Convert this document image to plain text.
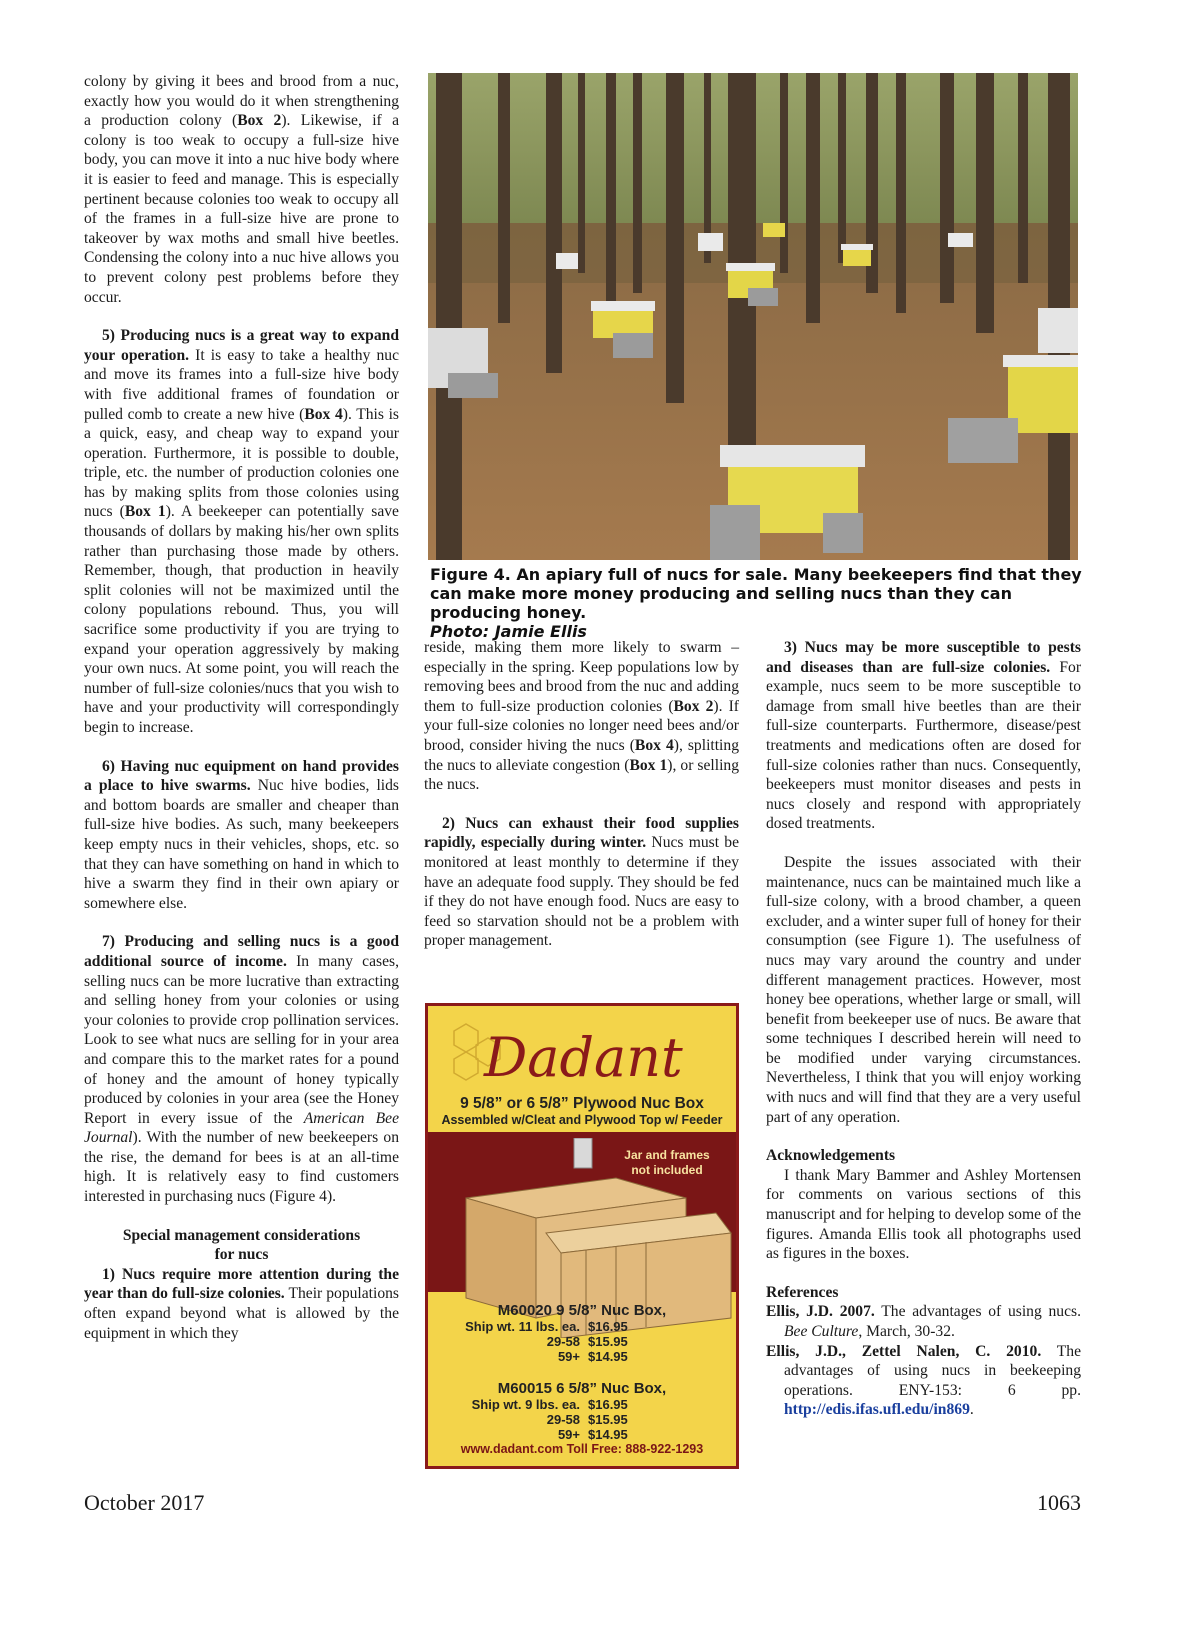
colony by giving it bees and brood from a nuc, exactly how you would do it when strengthening a production colony (Box 2). Likewise, if a colony is too weak to occupy a full-size hive body, you can move it into a nuc hive body where it is easier to feed and manage. This is especially pertinent because colonies too weak to occupy all of the frames in a full-size hive are prone to takeover by wax moths and small hive beetles. Condensing the colony into a nuc hive allows you to prevent colony pest problems before they occur.

5) Producing nucs is a great way to expand your operation. It is easy to take a healthy nuc and move its frames into a full-size hive body with five additional frames of foundation or pulled comb to create a new hive (Box 4). This is a quick, easy, and cheap way to expand your operation. Furthermore, it is possible to double, triple, etc. the number of production colonies one has by making splits from those colonies using nucs (Box 1). A beekeeper can potentially save thousands of dollars by making his/her own splits rather than purchasing those made by others. Remember, though, that production in heavily split colonies will not be maximized until the colony populations rebound. Thus, you will sacrifice some productivity if you are trying to expand your operation aggressively by making your own nucs. At some point, you will reach the number of full-size colonies/nucs that you wish to have and your productivity will correspondingly begin to increase.

6) Having nuc equipment on hand provides a place to hive swarms. Nuc hive bodies, lids and bottom boards are smaller and cheaper than full-size hive bodies. As such, many beekeepers keep empty nucs in their vehicles, shops, etc. so that they can have something on hand in which to hive a swarm they find in their own apiary or somewhere else.

7) Producing and selling nucs is a good additional source of income. In many cases, selling nucs can be more lucrative than extracting and selling honey from your colonies or using your colonies to provide crop pollination services. Look to see what nucs are selling for in your area and compare this to the market rates for a pound of honey and the amount of honey typically produced by colonies in your area (see the Honey Report in every issue of the American Bee Journal). With the number of new beekeepers on the rise, the demand for bees is at an all-time high. It is relatively easy to find customers interested in purchasing nucs (Figure 4).

Special management considerations
for nucs

1) Nucs require more attention during the year than do full-size colonies. Their populations often expand beyond what is allowed by the equipment in which they

Figure 4. An apiary full of nucs for sale. Many beekeepers find that they can make more money producing and selling nucs than they can producing honey.
Photo: Jamie Ellis

reside, making them more likely to swarm – especially in the spring. Keep populations low by removing bees and brood from the nuc and adding them to full-size production colonies (Box 2). If your full-size colonies no longer need bees and/or brood, consider hiving the nucs (Box 4), splitting the nucs to alleviate congestion (Box 1), or selling the nucs.

2) Nucs can exhaust their food supplies rapidly, especially during winter. Nucs must be monitored at least monthly to determine if they have an adequate food supply. They should be fed if they do not have enough food. Nucs are easy to feed so starvation should not be a problem with proper management.

Dadant
9 5/8” or 6 5/8” Plywood Nuc Box
Assembled w/Cleat and Plywood Top w/ Feeder
Jar and frames
not included
M60020 9 5/8” Nuc Box,
Ship wt. 11 lbs. ea. $16.95
29-58 $15.95
59+ $14.95
M60015 6 5/8” Nuc Box,
Ship wt. 9 lbs. ea. $16.95
29-58 $15.95
59+ $14.95
www.dadant.com Toll Free: 888-922-1293

3) Nucs may be more susceptible to pests and diseases than are full-size colonies. For example, nucs seem to be more susceptible to damage from small hive beetles than are their full-size counterparts. Furthermore, disease/pest treatments and medications often are dosed for full-size colonies rather than nucs. Consequently, beekeepers must monitor diseases and pests in nucs closely and respond with appropriately dosed treatments.

Despite the issues associated with their maintenance, nucs can be maintained much like a full-size colony, with a brood chamber, a queen excluder, and a winter super full of honey for their consumption (see Figure 1). The usefulness of nucs may vary around the country and under different management practices. However, most honey bee operations, whether large or small, will benefit from beekeeper use of nucs. Be aware that some techniques I described herein will need to be modified under varying circumstances. Nevertheless, I think that you will enjoy working with nucs and will find that they are a very useful part of any operation.

Acknowledgements

I thank Mary Bammer and Ashley Mortensen for comments on various sections of this manuscript and for helping to develop some of the figures. Amanda Ellis took all photographs used as figures in the boxes.

References

Ellis, J.D. 2007. The advantages of using nucs. Bee Culture, March, 30-32.

Ellis, J.D., Zettel Nalen, C. 2010. The advantages of using nucs in beekeeping operations. ENY-153: 6 pp. http://edis.ifas.ufl.edu/in869.

October 2017	1063
